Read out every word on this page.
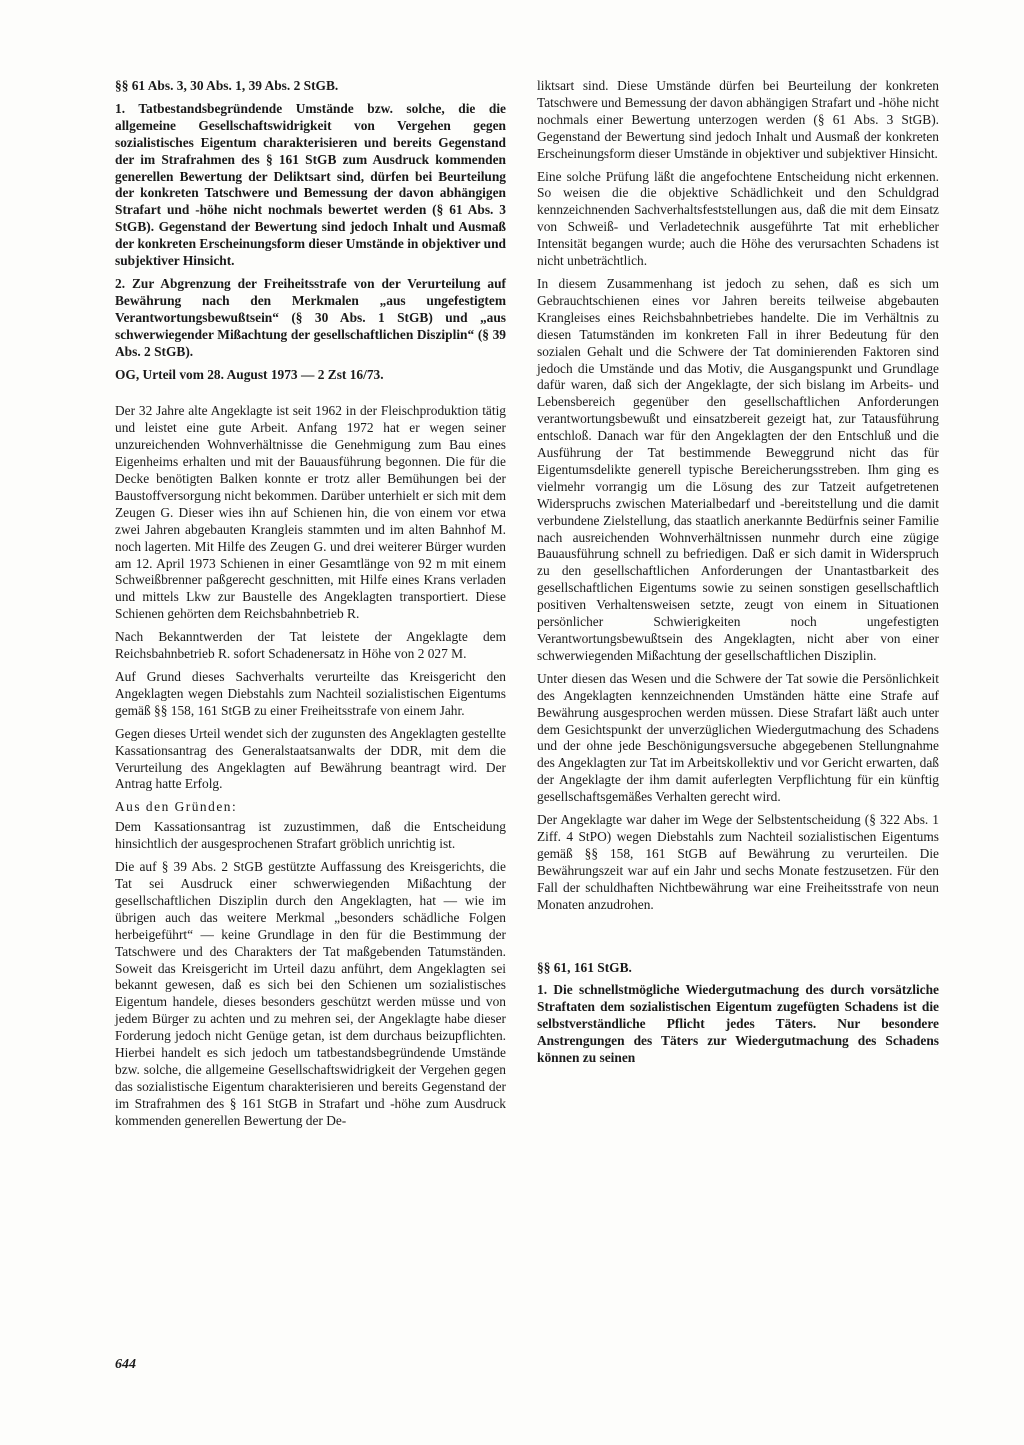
§§ 61 Abs. 3, 30 Abs. 1, 39 Abs. 2 StGB.

1. Tatbestandsbegründende Umstände bzw. solche, die die allgemeine Gesellschaftswidrigkeit von Vergehen gegen sozialistisches Eigentum charakterisieren und bereits Gegenstand der im Strafrahmen des § 161 StGB zum Ausdruck kommenden generellen Bewertung der Deliktsart sind, dürfen bei Beurteilung der konkreten Tatschwere und Bemessung der davon abhängigen Strafart und -höhe nicht nochmals bewertet werden (§ 61 Abs. 3 StGB). Gegenstand der Bewertung sind jedoch Inhalt und Ausmaß der konkreten Erscheinungsform dieser Umstände in objektiver und subjektiver Hinsicht.

2. Zur Abgrenzung der Freiheitsstrafe von der Verurteilung auf Bewährung nach den Merkmalen „aus ungefestigtem Verantwortungsbewußtsein“ (§ 30 Abs. 1 StGB) und „aus schwerwiegender Mißachtung der gesellschaftlichen Disziplin“ (§ 39 Abs. 2 StGB).

OG, Urteil vom 28. August 1973 — 2 Zst 16/73.

Der 32 Jahre alte Angeklagte ist seit 1962 in der Fleischproduktion tätig und leistet eine gute Arbeit. Anfang 1972 hat er wegen seiner unzureichenden Wohnverhältnisse die Genehmigung zum Bau eines Eigenheims erhalten und mit der Bauausführung begonnen. Die für die Decke benötigten Balken konnte er trotz aller Bemühungen bei der Baustoffversorgung nicht bekommen. Darüber unterhielt er sich mit dem Zeugen G. Dieser wies ihn auf Schienen hin, die von einem vor etwa zwei Jahren abgebauten Krangleis stammten und im alten Bahnhof M. noch lagerten. Mit Hilfe des Zeugen G. und drei weiterer Bürger wurden am 12. April 1973 Schienen in einer Gesamtlänge von 92 m mit einem Schweißbrenner paßgerecht geschnitten, mit Hilfe eines Krans verladen und mittels Lkw zur Baustelle des Angeklagten transportiert. Diese Schienen gehörten dem Reichsbahnbetrieb R.

Nach Bekanntwerden der Tat leistete der Angeklagte dem Reichsbahnbetrieb R. sofort Schadenersatz in Höhe von 2 027 M.

Auf Grund dieses Sachverhalts verurteilte das Kreisgericht den Angeklagten wegen Diebstahls zum Nachteil sozialistischen Eigentums gemäß §§ 158, 161 StGB zu einer Freiheitsstrafe von einem Jahr.

Gegen dieses Urteil wendet sich der zugunsten des Angeklagten gestellte Kassationsantrag des Generalstaatsanwalts der DDR, mit dem die Verurteilung des Angeklagten auf Bewährung beantragt wird. Der Antrag hatte Erfolg.

Aus den Gründen:

Dem Kassationsantrag ist zuzustimmen, daß die Entscheidung hinsichtlich der ausgesprochenen Strafart gröblich unrichtig ist.

Die auf § 39 Abs. 2 StGB gestützte Auffassung des Kreisgerichts, die Tat sei Ausdruck einer schwerwiegenden Mißachtung der gesellschaftlichen Disziplin durch den Angeklagten, hat — wie im übrigen auch das weitere Merkmal „besonders schädliche Folgen herbeigeführt“ — keine Grundlage in den für die Bestimmung der Tatschwere und des Charakters der Tat maßgebenden Tatumständen. Soweit das Kreisgericht im Urteil dazu anführt, dem Angeklagten sei bekannt gewesen, daß es sich bei den Schienen um sozialistisches Eigentum handele, dieses besonders geschützt werden müsse und von jedem Bürger zu achten und zu mehren sei, der Angeklagte habe dieser Forderung jedoch nicht Genüge getan, ist dem durchaus beizupflichten. Hierbei handelt es sich jedoch um tatbestandsbegründende Umstände bzw. solche, die allgemeine Gesellschaftswidrigkeit der Vergehen gegen das sozialistische Eigentum charakterisieren und bereits Gegenstand der im Strafrahmen des § 161 StGB in Strafart und -höhe zum Ausdruck kommenden generellen Bewertung der De-

liktsart sind. Diese Umstände dürfen bei Beurteilung der konkreten Tatschwere und Bemessung der davon abhängigen Strafart und -höhe nicht nochmals einer Bewertung unterzogen werden (§ 61 Abs. 3 StGB). Gegenstand der Bewertung sind jedoch Inhalt und Ausmaß der konkreten Erscheinungsform dieser Umstände in objektiver und subjektiver Hinsicht.

Eine solche Prüfung läßt die angefochtene Entscheidung nicht erkennen. So weisen die die objektive Schädlichkeit und den Schuldgrad kennzeichnenden Sachverhaltsfeststellungen aus, daß die mit dem Einsatz von Schweiß- und Verladetechnik ausgeführte Tat mit erheblicher Intensität begangen wurde; auch die Höhe des verursachten Schadens ist nicht unbeträchtlich.

In diesem Zusammenhang ist jedoch zu sehen, daß es sich um Gebrauchtschienen eines vor Jahren bereits teilweise abgebauten Krangleises eines Reichsbahnbetriebes handelte. Die im Verhältnis zu diesen Tatumständen im konkreten Fall in ihrer Bedeutung für den sozialen Gehalt und die Schwere der Tat dominierenden Faktoren sind jedoch die Umstände und das Motiv, die Ausgangspunkt und Grundlage dafür waren, daß sich der Angeklagte, der sich bislang im Arbeits- und Lebensbereich gegenüber den gesellschaftlichen Anforderungen verantwortungsbewußt und einsatzbereit gezeigt hat, zur Tatausführung entschloß. Danach war für den Angeklagten der den Entschluß und die Ausführung der Tat bestimmende Beweggrund nicht das für Eigentumsdelikte generell typische Bereicherungsstreben. Ihm ging es vielmehr vorrangig um die Lösung des zur Tatzeit aufgetretenen Widerspruchs zwischen Materialbedarf und -bereitstellung und die damit verbundene Zielstellung, das staatlich anerkannte Bedürfnis seiner Familie nach ausreichenden Wohnverhältnissen nunmehr durch eine zügige Bauausführung schnell zu befriedigen. Daß er sich damit in Widerspruch zu den gesellschaftlichen Anforderungen der Unantastbarkeit des gesellschaftlichen Eigentums sowie zu seinen sonstigen gesellschaftlich positiven Verhaltensweisen setzte, zeugt von einem in Situationen persönlicher Schwierigkeiten noch ungefestigten Verantwortungsbewußtsein des Angeklagten, nicht aber von einer schwerwiegenden Mißachtung der gesellschaftlichen Disziplin.

Unter diesen das Wesen und die Schwere der Tat sowie die Persönlichkeit des Angeklagten kennzeichnenden Umständen hätte eine Strafe auf Bewährung ausgesprochen werden müssen. Diese Strafart läßt auch unter dem Gesichtspunkt der unverzüglichen Wiedergutmachung des Schadens und der ohne jede Beschönigungsversuche abgegebenen Stellungnahme des Angeklagten zur Tat im Arbeitskollektiv und vor Gericht erwarten, daß der Angeklagte der ihm damit auferlegten Verpflichtung für ein künftig gesellschaftsgemäßes Verhalten gerecht wird.

Der Angeklagte war daher im Wege der Selbstentscheidung (§ 322 Abs. 1 Ziff. 4 StPO) wegen Diebstahls zum Nachteil sozialistischen Eigentums gemäß §§ 158, 161 StGB auf Bewährung zu verurteilen. Die Bewährungszeit war auf ein Jahr und sechs Monate festzusetzen. Für den Fall der schuldhaften Nichtbewährung war eine Freiheitsstrafe von neun Monaten anzudrohen.

§§ 61, 161 StGB.

1. Die schnellstmögliche Wiedergutmachung des durch vorsätzliche Straftaten dem sozialistischen Eigentum zugefügten Schadens ist die selbstverständliche Pflicht jedes Täters. Nur besondere Anstrengungen des Täters zur Wiedergutmachung des Schadens können zu seinen

644
